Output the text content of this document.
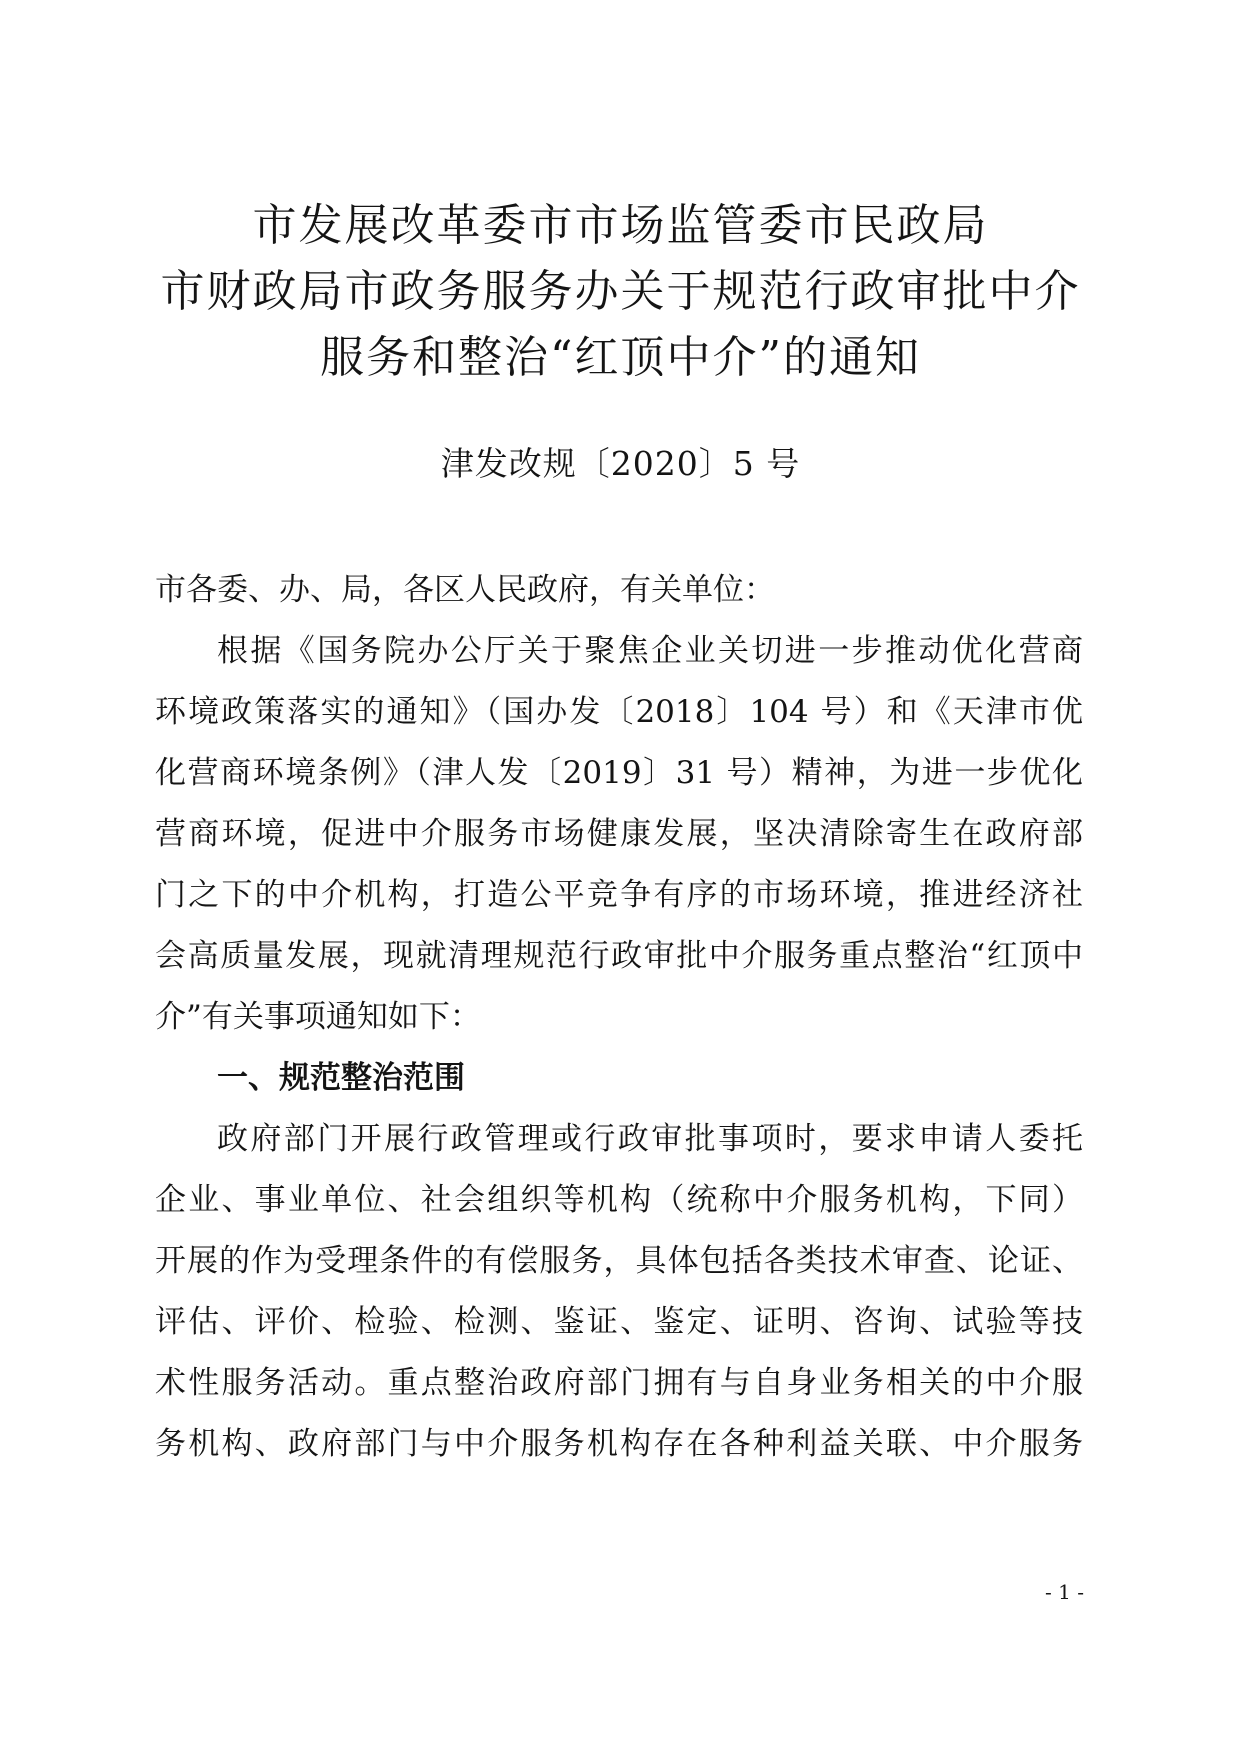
市发展改革委市市场监管委市民政局
市财政局市政务服务办关于规范行政审批中介
服务和整治“红顶中介”的通知
津发改规〔2020〕5 号
市各委、办、局，各区人民政府，有关单位：
根据《国务院办公厅关于聚焦企业关切进一步推动优化营商
环境政策落实的通知》（国办发〔2018〕104 号）和《天津市优
化营商环境条例》（津人发〔2019〕31 号）精神，为进一步优化
营商环境，促进中介服务市场健康发展，坚决清除寄生在政府部
门之下的中介机构，打造公平竞争有序的市场环境，推进经济社
会高质量发展，现就清理规范行政审批中介服务重点整治“红顶中
介”有关事项通知如下：
一、规范整治范围
政府部门开展行政管理或行政审批事项时，要求申请人委托
企业、事业单位、社会组织等机构（统称中介服务机构，下同）
开展的作为受理条件的有偿服务，具体包括各类技术审查、论证、
评估、评价、检验、检测、鉴证、鉴定、证明、咨询、试验等技
术性服务活动。重点整治政府部门拥有与自身业务相关的中介服
务机构、政府部门与中介服务机构存在各种利益关联、中介服务
- 1 -
